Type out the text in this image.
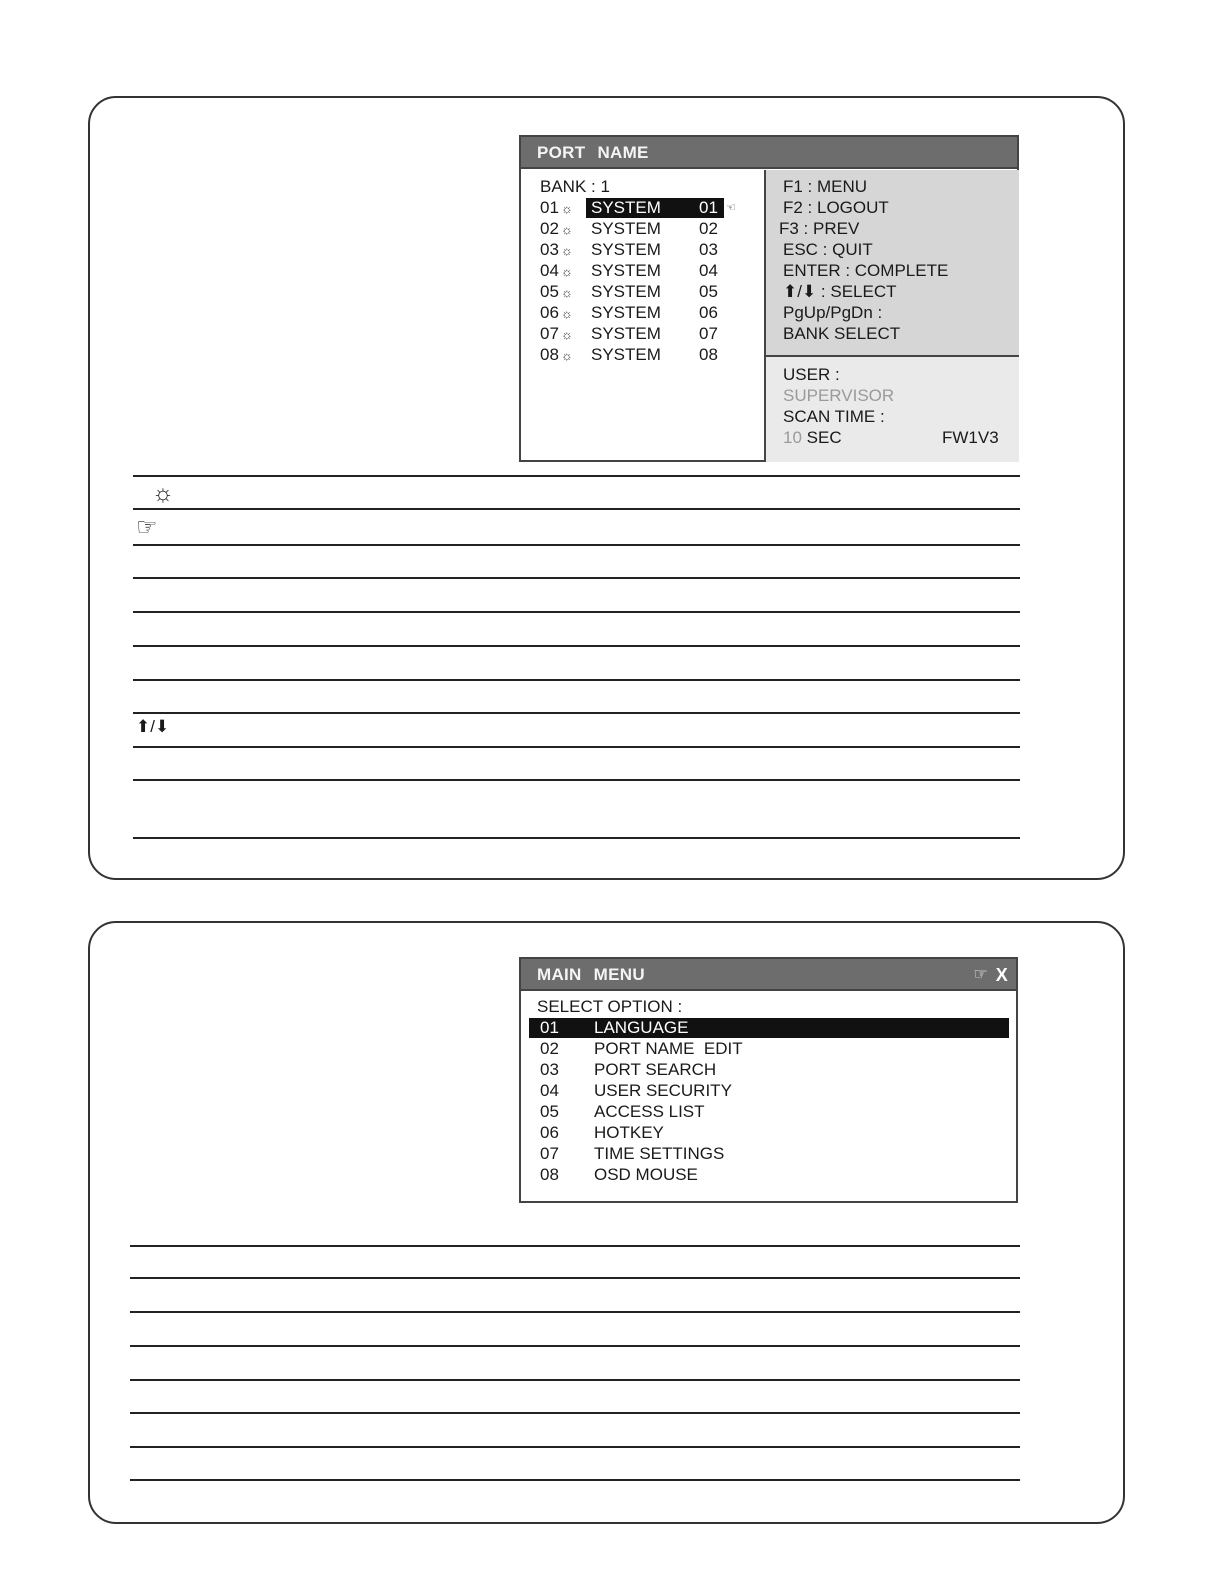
PORT NAME
BANK : 1
01 ☼ SYSTEM 01 ☜
02 ☼ SYSTEM 02
03 ☼ SYSTEM 03
04 ☼ SYSTEM 04
05 ☼ SYSTEM 05
06 ☼ SYSTEM 06
07 ☼ SYSTEM 07
08 ☼ SYSTEM 08
F1 : MENU
F2 : LOGOUT
F3 : PREV
ESC : QUIT
ENTER : COMPLETE
⬆/⬇ : SELECT
PgUp/PgDn :
BANK SELECT
USER :
SUPERVISOR
SCAN TIME :
10 SEC	FW1V3
☼
☞
⬆/⬇
MAIN MENU	☞ X
SELECT OPTION :
01 LANGUAGE
02 PORT NAME  EDIT
03 PORT SEARCH
04 USER SECURITY
05 ACCESS LIST
06 HOTKEY
07 TIME SETTINGS
08 OSD MOUSE
